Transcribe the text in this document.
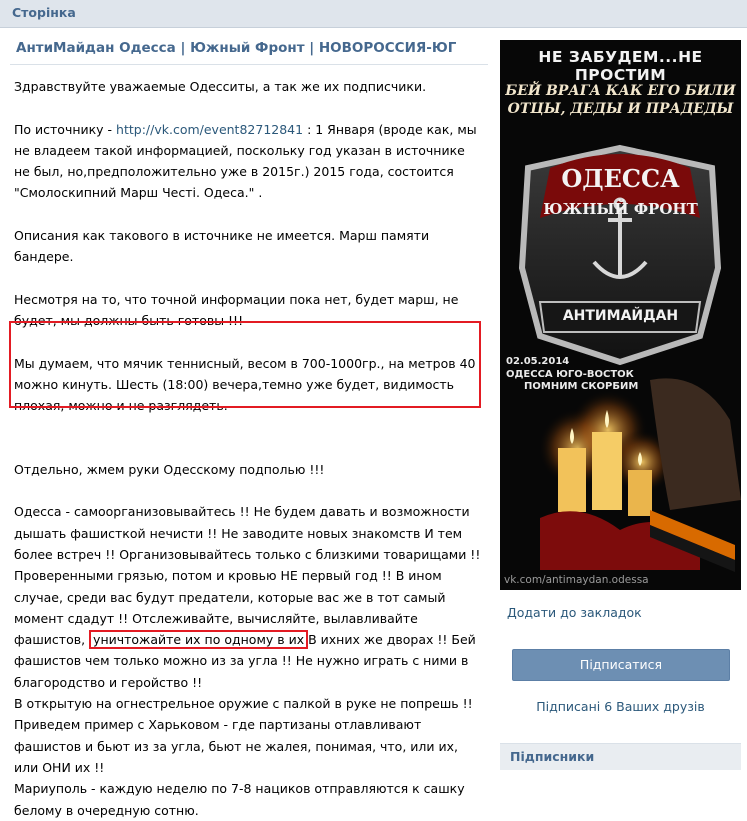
Сторінка
АнтиМайдан Одесса | Южный Фронт | НОВОРОССИЯ-ЮГ

Здравствуйте уважаемые Одесситы, а так же их подписчики.

По источнику - http://vk.com/event82712841 : 1 Января (вроде как, мы не владеем такой информацией, поскольку год указан в источнике не был, но,предположительно уже в 2015г.) 2015 года, состоится "Смолоскипний Марш Честі. Одеса." .

Описания как такового в источнике не имеется. Марш памяти бандере.

Несмотря на то, что точной информации пока нет, будет марш, не будет, мы должны быть готовы !!!

Мы думаем, что мячик теннисный, весом в 700-1000гр., на метров 40 можно кинуть. Шесть (18:00) вечера,темно уже будет, видимость плохая, можно и не разглядеть.

Отдельно, жмем руки Одесскому подполью !!!

Одесса - самоорганизовывайтесь !! Не будем давать и возможности дышать фашисткой нечисти !! Не заводите новых знакомств И тем более встреч !! Организовывайтесь только с близкими товарищами !! Проверенными грязью, потом и кровью НЕ первый год !! В ином случае, среди вас будут предатели, которые вас же в тот самый момент сдадут !! Отслеживайте, вычисляйте, вылавливайте фашистов, уничтожайте их по одному в их В ихних же дворах !! Бей фашистов чем только можно из за угла !! Не нужно играть с ними в благородство и геройство !!

В открытую на огнестрельное оружие с палкой в руке не попрешь !!

Приведем пример с Харьковом - где партизаны отлавливают фашистов и бьют из за угла, бьют не жалея, понимая, что, или их, или ОНИ их !!

Мариуполь - каждую неделю по 7-8 нациков отправляются к сашку белому в очередную сотню.

НЕ ЗАБУДЕМ...НЕ ПРОСТИМ
БЕЙ ВРАГА КАК ЕГО БИЛИ
ОТЦЫ, ДЕДЫ И ПРАДЕДЫ
ОДЕССА
ЮЖНЫЙ ФРОНТ
АНТИМАЙДАН
02.05.2014
ОДЕССА ЮГО-ВОСТОК
ПОМНИМ СКОРБИМ
vk.com/antimaydan.odessa
Додати до закладок
Підписатися
Підписані 6 Ваших друзів
Підписники
